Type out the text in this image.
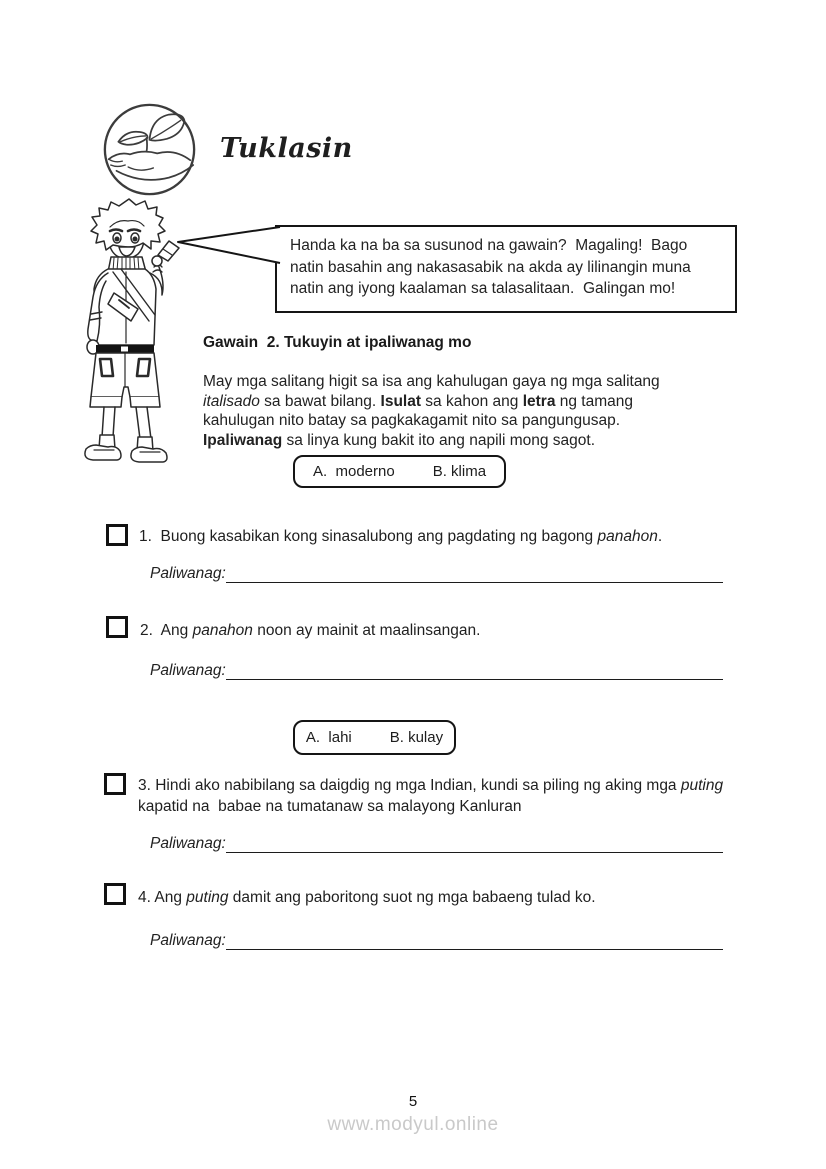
Tuklasin
Handa ka na ba sa susunod na gawain?  Magaling!  Bago natin basahin ang nakasasabik na akda ay lilinangin muna natin ang iyong kaalaman sa talasalitaan.  Galingan mo!
Gawain  2. Tukuyin at ipaliwanag mo
May mga salitang higit sa isa ang kahulugan gaya ng mga salitang
italisado sa bawat bilang. Isulat sa kahon ang letra ng tamang
kahulugan nito batay sa pagkakagamit nito sa pangungusap.
Ipaliwanag sa linya kung bakit ito ang napili mong sagot.
A.  moderno	B. klima
1.  Buong kasabikan kong sinasalubong ang pagdating ng bagong panahon.
Paliwanag:
2.  Ang panahon noon ay mainit at maalinsangan.
Paliwanag:
A.  lahi	B. kulay
3. Hindi ako nabibilang sa daigdig ng mga Indian, kundi sa piling ng aking mga puting kapatid na  babae na tumatanaw sa malayong Kanluran
Paliwanag:
4. Ang puting damit ang paboritong suot ng mga babaeng tulad ko.
Paliwanag:
5
www.modyul.online
